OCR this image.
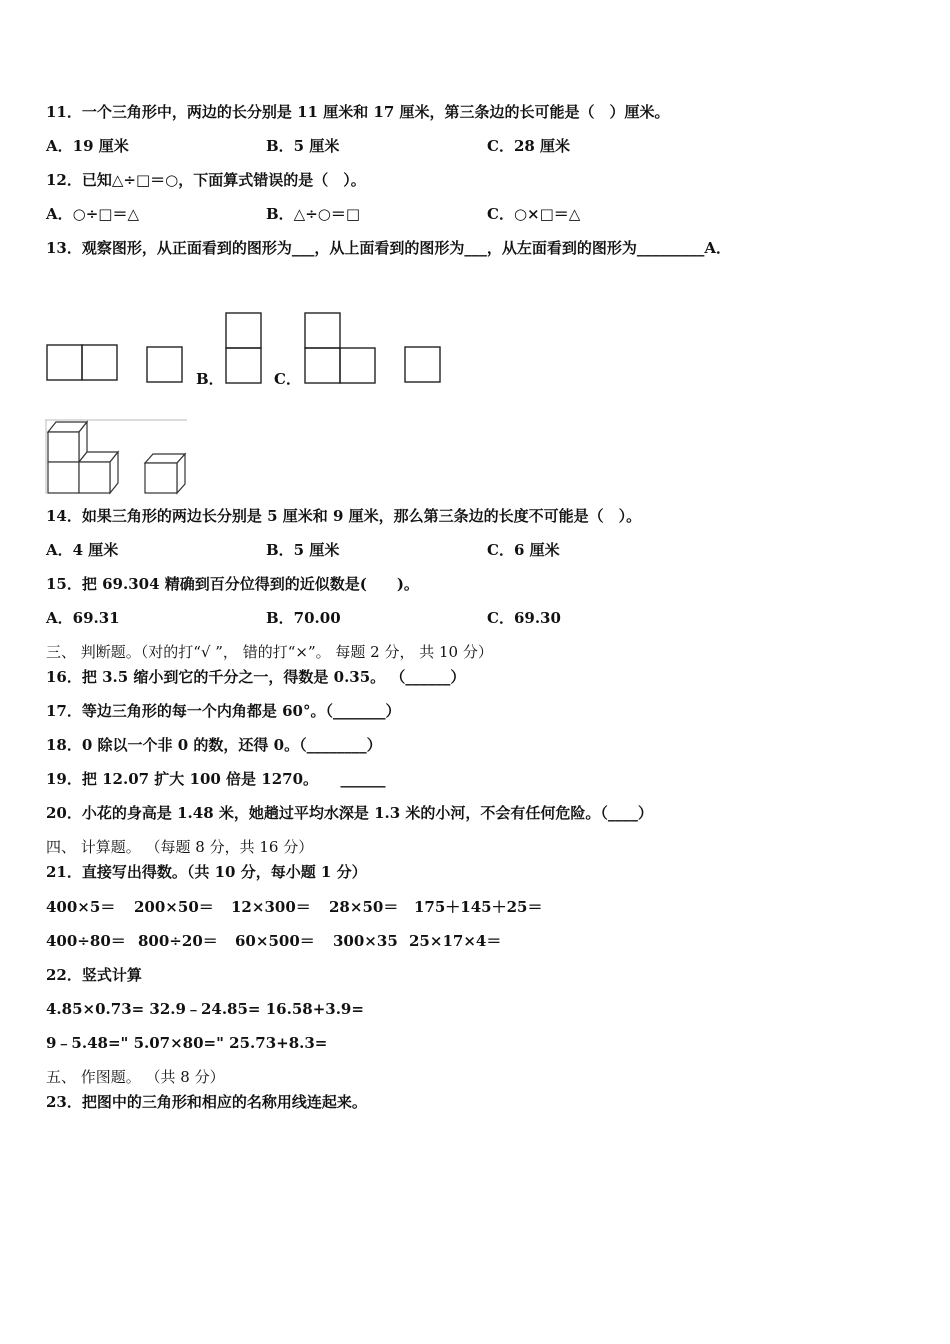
11．一个三角形中，两边的长分别是 11 厘米和 17 厘米，第三条边的长可能是（　）厘米。
A．19 厘米	B．5 厘米	C．28 厘米
12．已知△÷□＝○，下面算式错误的是（　）。
A．○÷□＝△	B．△÷○＝□	C．○×□＝△
13．观察图形，从正面看到的图形为___，从上面看到的图形为___，从左面看到的图形为_________A．
B．	C．
14．如果三角形的两边长分别是 5 厘米和 9 厘米，那么第三条边的长度不可能是（　）。
A．4 厘米	B．5 厘米	C．6 厘米
15．把 69.304 精确到百分位得到的近似数是(　　)。
A．69.31	B．70.00	C．69.30
三、 判断题。（对的打“√ ”， 错的打“×”。 每题 2 分， 共 10 分）
16．把 3.5 缩小到它的千分之一，得数是 0.35。 （______）
17．等边三角形的每一个内角都是 60°。（_______）
18．0 除以一个非 0 的数，还得 0。（________）
19．把 12.07 扩大 100 倍是 1270。　　______
20．小花的身高是 1.48 米，她趟过平均水深是 1.3 米的小河，不会有任何危险。（____）
四、 计算题。 （每题 8 分，共 16 分）
21．直接写出得数。（共 10 分，每小题 1 分）
400×5＝ 200×50＝ 12×300＝ 28×50＝ 175＋145＋25＝
400÷80＝ 800÷20＝ 60×500＝ 300×35 25×17×4＝
22．竖式计算
4.85×0.73= 32.9﹣24.85= 16.58+3.9=
9﹣5.48=" 5.07×80=" 25.73+8.3=
五、 作图题。 （共 8 分）
23．把图中的三角形和相应的名称用线连起来。
